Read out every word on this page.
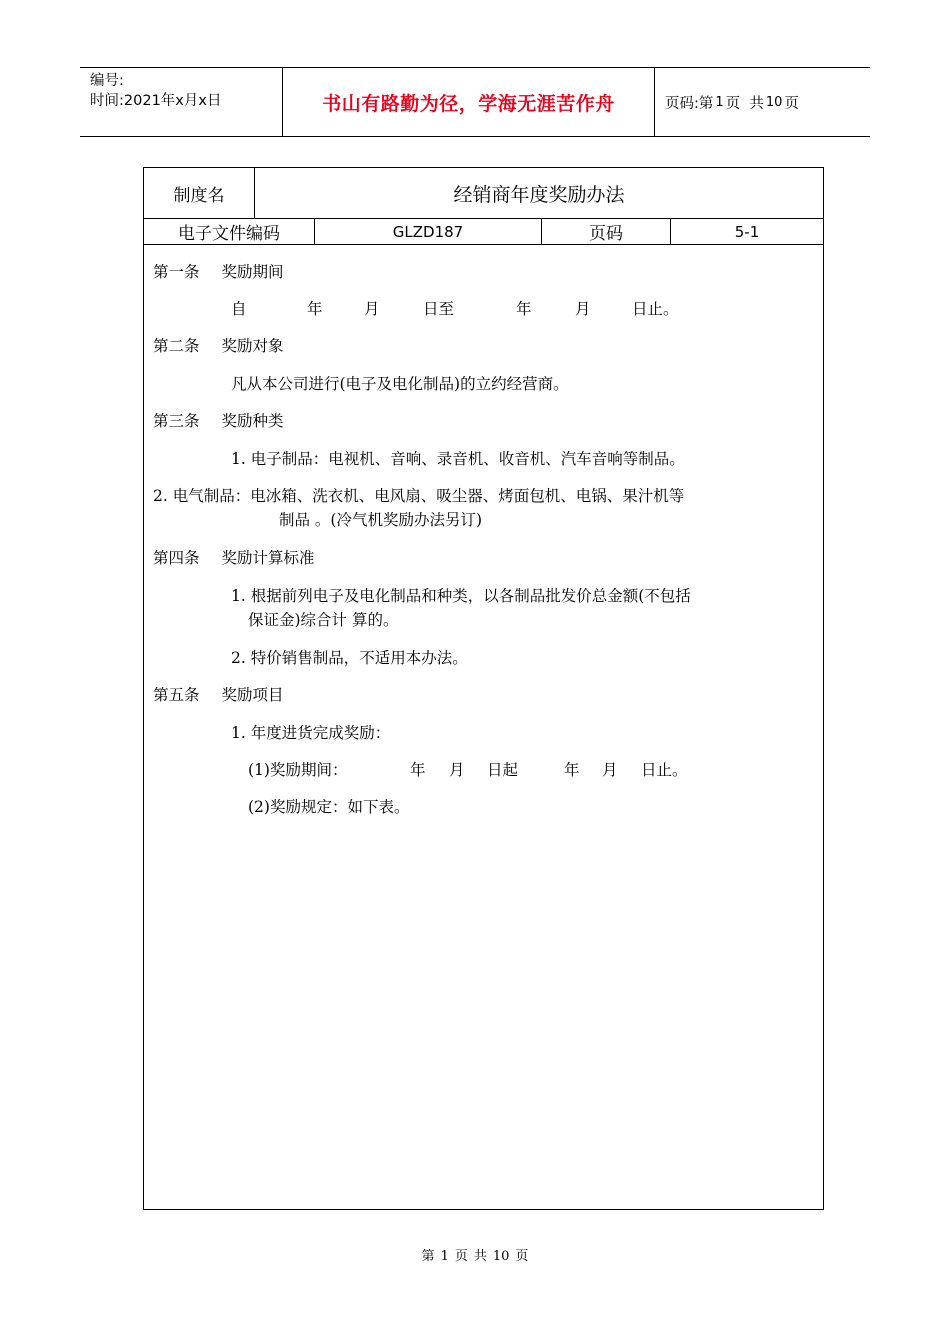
编号:
时间:2021年x月x日	书山有路勤为径，学海无涯苦作舟	页码: 第 1 页  共 10 页
制度名	经销商年度奖励办法
电子文件编码	GLZD187	页码	5-1
第一条 奖励期间
自	年	月	日至	年	月	日止。
第二条 奖励对象
凡从本公司进行(电子及电化制品)的立约经营商。
第三条 奖励种类
1. 电子制品：电视机、音响、录音机、收音机、汽车音响等制品。
2. 电气制品：电冰箱、洗衣机、电风扇、吸尘器、烤面包机、电锅、果汁机等
制品 。(冷气机奖励办法另订)
第四条 奖励计算标准
1. 根据前列电子及电化制品和种类，以各制品批发价总金额(不包括
保证金)综合计 算的。
2. 特价销售制品，不适用本办法。
第五条 奖励项目
1. 年度进货完成奖励：
(1)奖励期间：	年 月 日起	年 月 日止。
(2)奖励规定：如下表。
第 1 页 共 10 页
